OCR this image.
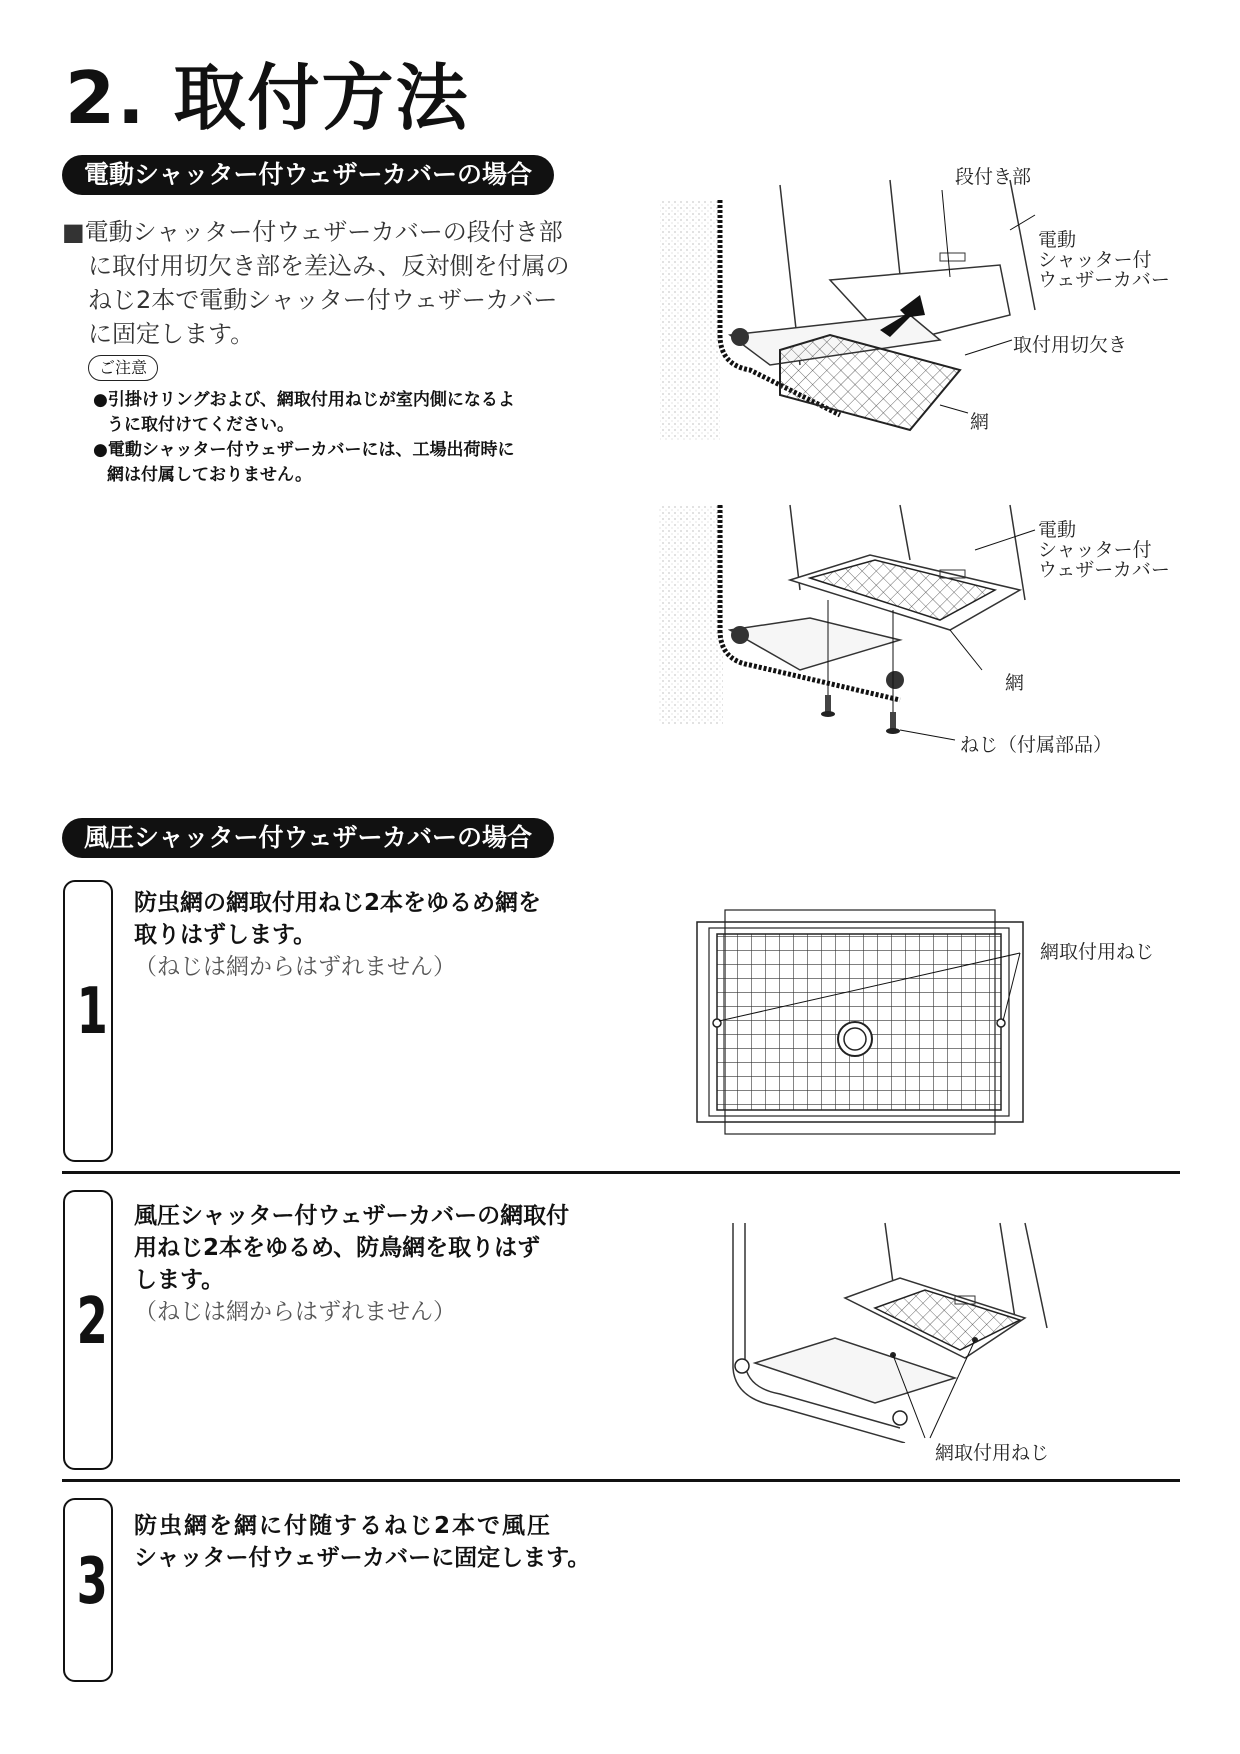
2. 取付方法
電動シャッター付ウェザーカバーの場合
■電動シャッター付ウェザーカバーの段付き部
に取付用切欠き部を差込み、反対側を付属の
ねじ2本で電動シャッター付ウェザーカバー
に固定します。
ご注意
●引掛けリングおよび、網取付用ねじが室内側になるよ
うに取付けてください。
●電動シャッター付ウェザーカバーには、工場出荷時に
網は付属しておりません。
段付き部
電動
シャッター付
ウェザーカバー
取付用切欠き
網
電動
シャッター付
ウェザーカバー
網
ねじ（付属部品）
風圧シャッター付ウェザーカバーの場合
1
防虫網の網取付用ねじ2本をゆるめ網を
取りはずします。
（ねじは網からはずれません）
網取付用ねじ
2
風圧シャッター付ウェザーカバーの網取付
用ねじ2本をゆるめ、防鳥網を取りはず
します。
（ねじは網からはずれません）
網取付用ねじ
3
防虫網を網に付随するねじ2本で風圧
シャッター付ウェザーカバーに固定します。
